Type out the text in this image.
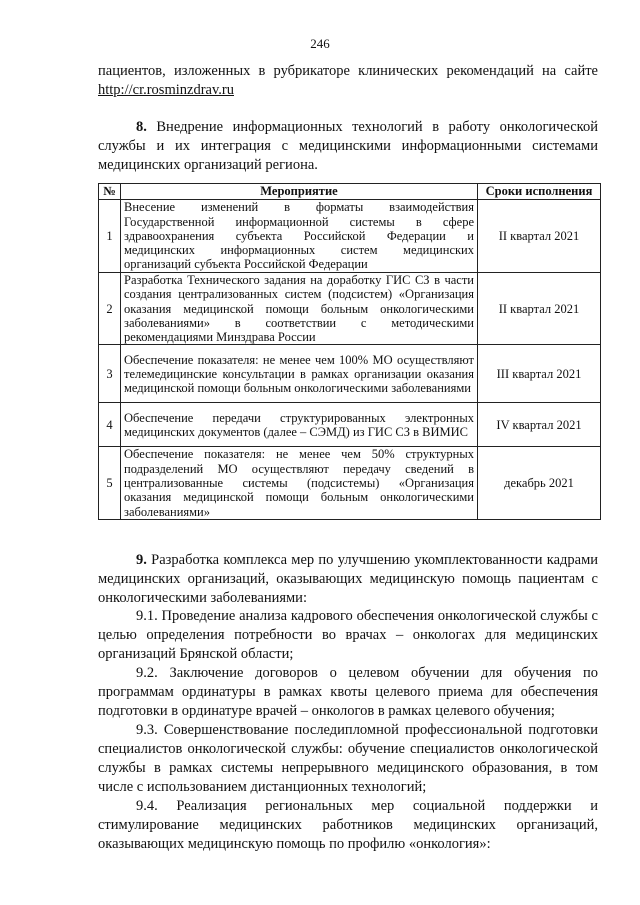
246
пациентов, изложенных в рубрикаторе клинических рекомендаций на сайте
http://cr.rosminzdrav.ru
8. Внедрение информационных технологий в работу онкологической службы и их интеграция с медицинскими информационными системами медицинских организаций региона.
№	Мероприятие	Сроки исполнения
1	Внесение изменений в форматы взаимодействия Государственной информационной системы в сфере здравоохранения субъекта Российской Федерации и медицинских информационных систем медицинских организаций субъекта Российской Федерации	II квартал 2021
2	Разработка Технического задания на доработку ГИС СЗ в части создания централизованных систем (подсистем) «Организация оказания медицинской помощи больным онкологическими заболеваниями» в соответствии с методическими рекомендациями Минздрава России	II квартал 2021
3	Обеспечение показателя: не менее чем 100% МО осуществляют телемедицинские консультации в рамках организации оказания медицинской помощи больным онкологическими заболеваниями	III квартал 2021
4	Обеспечение передачи структурированных электронных медицинских документов (далее – СЭМД) из ГИС СЗ в ВИМИС	IV квартал 2021
5	Обеспечение показателя: не менее чем 50% структурных подразделений МО осуществляют передачу сведений в централизованные системы (подсистемы) «Организация оказания медицинской помощи больным онкологическими заболеваниями»	декабрь 2021
9. Разработка комплекса мер по улучшению укомплектованности кадрами медицинских организаций, оказывающих медицинскую помощь пациентам с онкологическими заболеваниями:
9.1. Проведение анализа кадрового обеспечения онкологической службы с целью определения потребности во врачах – онкологах для медицинских организаций Брянской области;
9.2. Заключение договоров о целевом обучении для обучения по программам ординатуры в рамках квоты целевого приема для обеспечения подготовки в ординатуре врачей – онкологов в рамках целевого обучения;
9.3. Совершенствование последипломной профессиональной подготовки специалистов онкологической службы: обучение специалистов онкологической службы в рамках системы непрерывного медицинского образования, в том числе с использованием дистанционных технологий;
9.4. Реализация региональных мер социальной поддержки и стимулирование медицинских работников медицинских организаций, оказывающих медицинскую помощь по профилю «онкология»:
